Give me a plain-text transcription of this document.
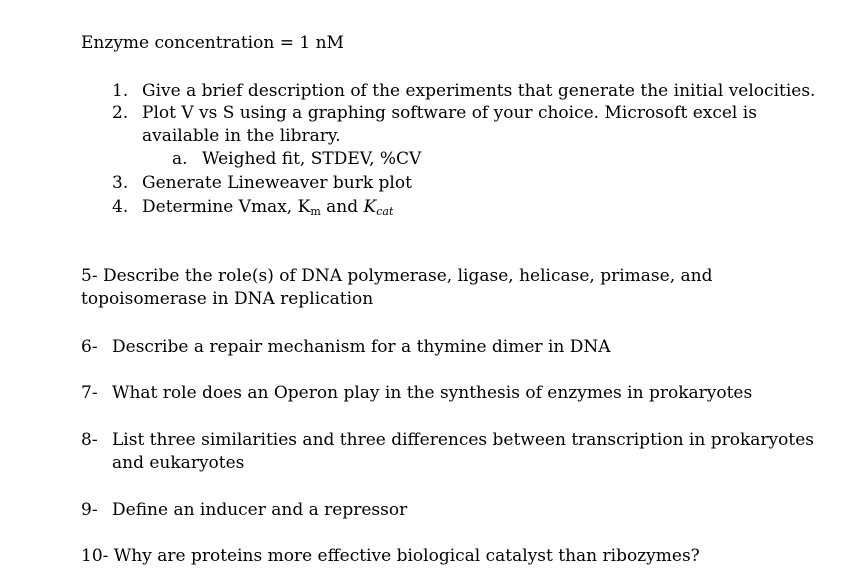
Enzyme concentration = 1 nM
1. Give a brief description of the experiments that generate the initial velocities.
2. Plot V vs S using a graphing software of your choice. Microsoft excel is
available in the library.
a. Weighed fit, STDEV, %CV
3. Generate Lineweaver burk plot
4. Determine Vmax, $K_m$ and $K_{cat}$
5- Describe the role(s) of DNA polymerase, ligase, helicase, primase, and
topoisomerase in DNA replication
6- Describe a repair mechanism for a thymine dimer in DNA
7- What role does an Operon play in the synthesis of enzymes in prokaryotes
8- List three similarities and three differences between transcription in prokaryotes
and eukaryotes
9- Define an inducer and a repressor
10- Why are proteins more effective biological catalyst than ribozymes?
